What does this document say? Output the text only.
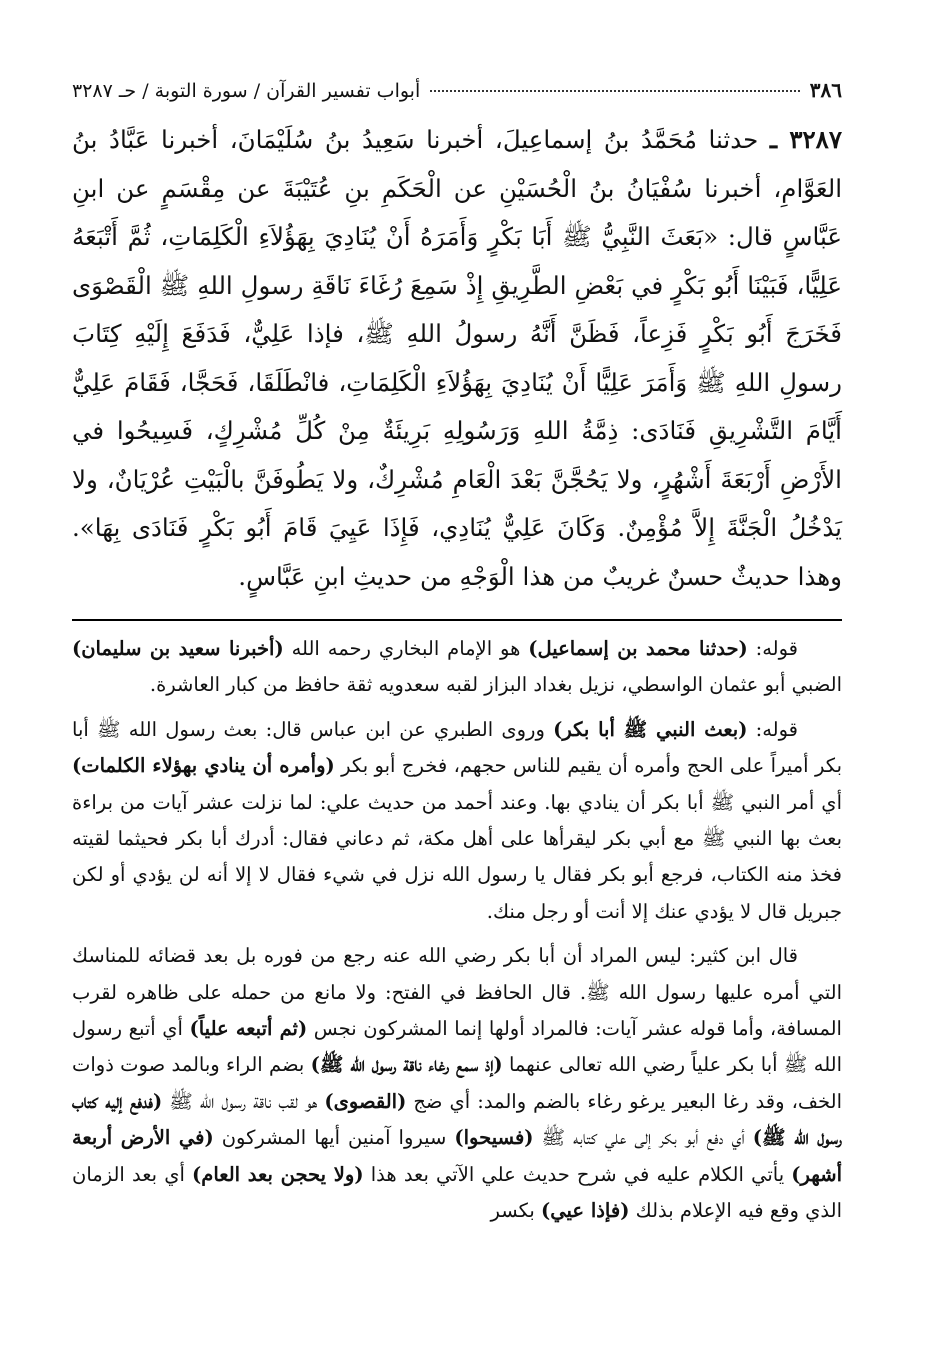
٣٨٦
أبواب تفسير القرآن / سورة التوبة / حـ ٣٢٨٧
٣٢٨٧ ـ حدثنا مُحَمَّدُ بنُ إسماعِيلَ، أخبرنا سَعِيدُ بنُ سُلَيْمَانَ، أخبرنا عَبَّادُ بنُ العَوَّامِ، أخبرنا سُفْيَانُ بنُ الْحُسَيْنِ عن الْحَكَمِ بنِ عُتَيْبَةَ عن مِقْسَمٍ عن ابنِ عَبَّاسٍ قال: «بَعَثَ النَّبِيُّ ﷺ أَبَا بَكْرٍ وَأَمَرَهُ أَنْ يُنَادِيَ بِهَؤُلاَءِ الْكَلِمَاتِ، ثُمَّ أَتْبَعَهُ عَلِيًّا، فَبَيْنَا أَبُو بَكْرٍ في بَعْضِ الطَّرِيقِ إِذْ سَمِعَ رُغَاءَ نَاقَةِ رسولِ اللهِ ﷺ الْقَصْوَى فَخَرَجَ أَبُو بَكْرٍ فَزِعاً، فَظَنَّ أَنَّهُ رسولُ اللهِ ﷺ، فإذا عَلِيٌّ، فَدَفَعَ إِلَيْهِ كِتَابَ رسولِ اللهِ ﷺ وَأَمَرَ عَلِيًّا أَنْ يُنَادِيَ بِهَؤُلاَءِ الْكَلِمَاتِ، فانْطَلَقَا، فَحَجَّا، فَقَامَ عَلِيٌّ أَيَّامَ التَّشْرِيقِ فَنَادَى: ذِمَّةُ اللهِ وَرَسُولِهِ بَرِيئَةٌ مِنْ كُلِّ مُشْرِكٍ، فَسِيحُوا في الأَرْضِ أَرْبَعَةَ أَشْهُرٍ، ولا يَحُجَّنَّ بَعْدَ الْعَامِ مُشْرِكٌ، ولا يَطُوفَنَّ بالْبَيْتِ عُرْيَانٌ، ولا يَدْخُلُ الْجَنَّةَ إِلاَّ مُؤْمِنٌ. وَكَانَ عَلِيٌّ يُنَادِي، فَإِذَا عَيِيَ قَامَ أَبُو بَكْرٍ فَنَادَى بِهَا». وهذا حديثٌ حسنٌ غريبٌ من هذا الْوَجْهِ من حديثِ ابنِ عَبَّاسٍ.

قوله: (حدثنا محمد بن إسماعيل) هو الإمام البخاري رحمه الله (أخبرنا سعيد بن سليمان) الضبي أبو عثمان الواسطي، نزيل بغداد البزاز لقبه سعدويه ثقة حافظ من كبار العاشرة.

قوله: (بعث النبي ﷺ أبا بكر) وروى الطبري عن ابن عباس قال: بعث رسول الله ﷺ أبا بكر أميراً على الحج وأمره أن يقيم للناس حجهم، فخرج أبو بكر (وأمره أن ينادي بهؤلاء الكلمات) أي أمر النبي ﷺ أبا بكر أن ينادي بها. وعند أحمد من حديث علي: لما نزلت عشر آيات من براءة بعث بها النبي ﷺ مع أبي بكر ليقرأها على أهل مكة، ثم دعاني فقال: أدرك أبا بكر فحيثما لقيته فخذ منه الكتاب، فرجع أبو بكر فقال يا رسول الله نزل في شيء فقال لا إلا أنه لن يؤدي أو لكن جبريل قال لا يؤدي عنك إلا أنت أو رجل منك.

قال ابن كثير: ليس المراد أن أبا بكر رضي الله عنه رجع من فوره بل بعد قضائه للمناسك التي أمره عليها رسول الله ﷺ. قال الحافظ في الفتح: ولا مانع من حمله على ظاهره لقرب المسافة، وأما قوله عشر آيات: فالمراد أولها إنما المشركون نجس (ثم أتبعه علياً) أي أتبع رسول الله ﷺ أبا بكر علياً رضي الله تعالى عنهما (إذ سمع رغاء ناقة رسول الله ﷺ) بضم الراء وبالمد صوت ذوات الخف، وقد رغا البعير يرغو رغاء بالضم والمد: أي ضج (القصوى) هو لقب ناقة رسول الله ﷺ (فدفع إليه كتاب رسول الله ﷺ) أي دفع أبو بكر إلى علي كتابه ﷺ (فسيحوا) سيروا آمنين أيها المشركون (في الأرض أربعة أشهر) يأتي الكلام عليه في شرح حديث علي الآتي بعد هذا (ولا يحجن بعد العام) أي بعد الزمان الذي وقع فيه الإعلام بذلك (فإذا عيي) بكسر
